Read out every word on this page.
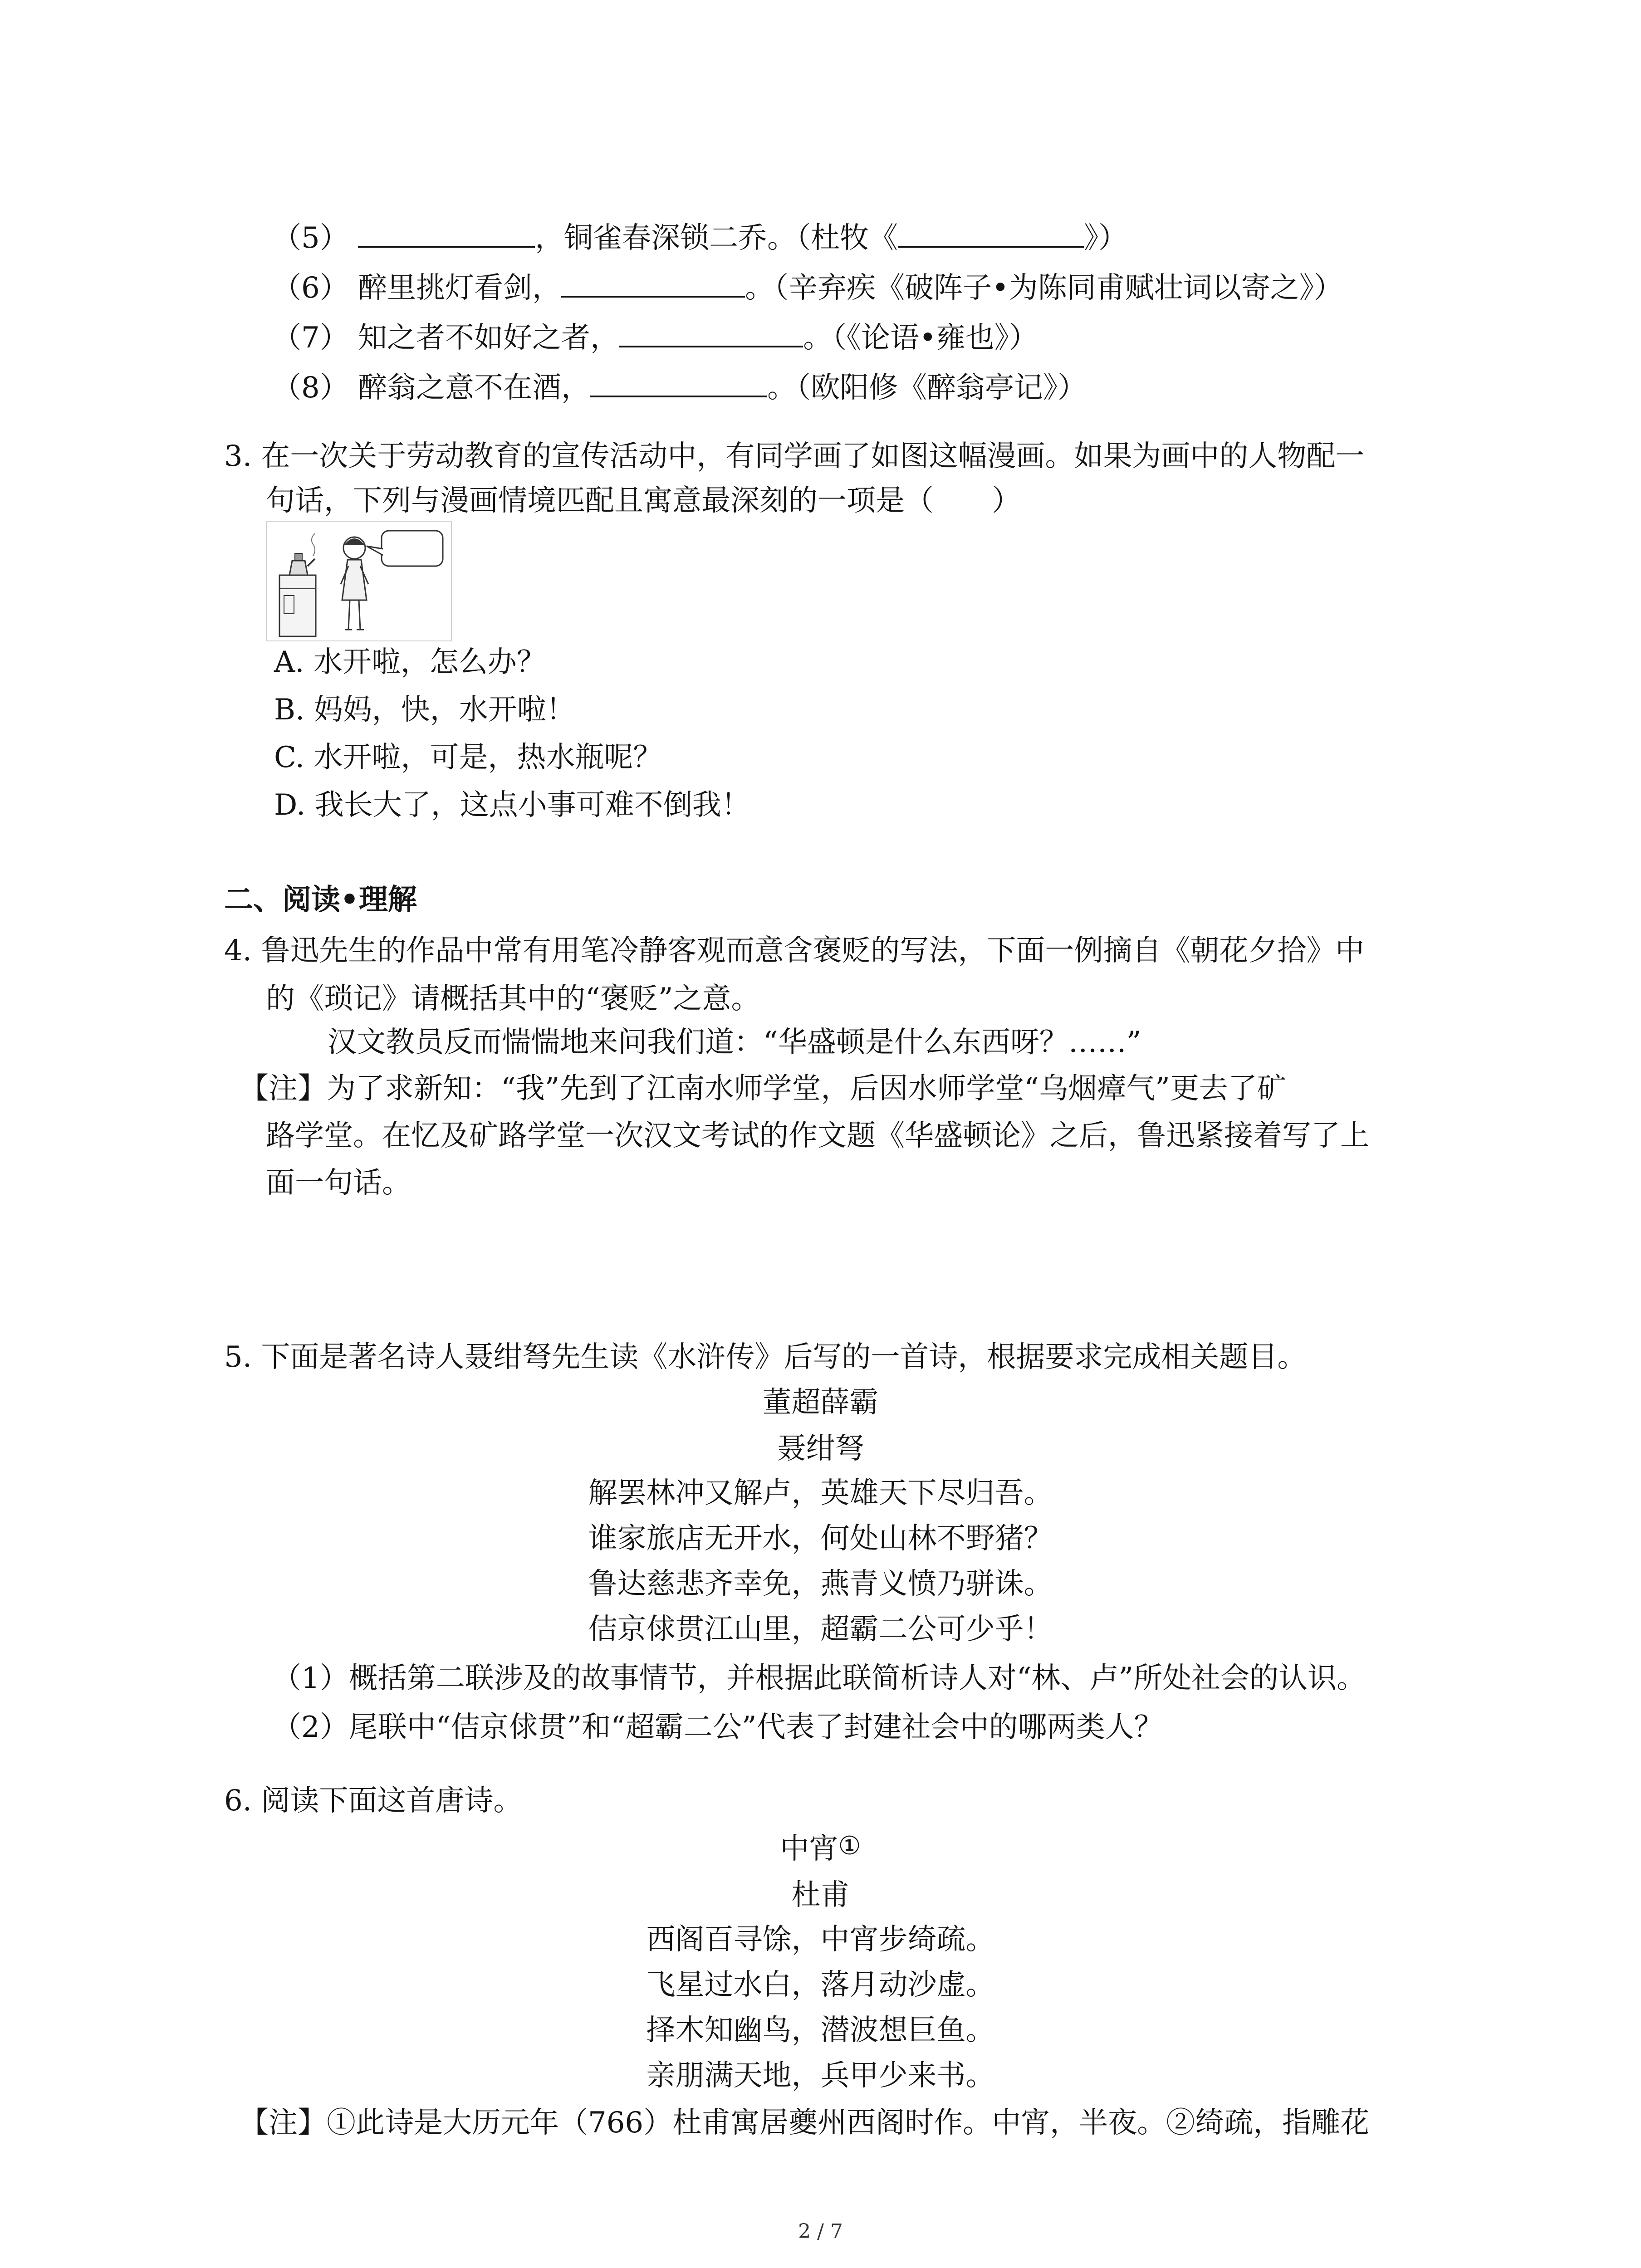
（5）	，铜雀春深锁二乔。（杜牧《	》）
（6） 醉里挑灯看剑，	。（辛弃疾《破阵子•为陈同甫赋壮词以寄之》）
（7） 知之者不如好之者，	。（《论语•雍也》）
（8） 醉翁之意不在酒，	。（欧阳修《醉翁亭记》）
3. 在一次关于劳动教育的宣传活动中，有同学画了如图这幅漫画。如果为画中的人物配一
句话，下列与漫画情境匹配且寓意最深刻的一项是（　　）
A. 水开啦，怎么办？
B. 妈妈，快，水开啦！
C. 水开啦，可是，热水瓶呢？
D. 我长大了，这点小事可难不倒我！
二、阅读•理解
4. 鲁迅先生的作品中常有用笔冷静客观而意含褒贬的写法，下面一例摘自《朝花夕拾》中
的《琐记》请概括其中的“褒贬”之意。
汉文教员反而惴惴地来问我们道：“华盛顿是什么东西呀？……”
【注】为了求新知：“我”先到了江南水师学堂，后因水师学堂“乌烟瘴气”更去了矿
路学堂。在忆及矿路学堂一次汉文考试的作文题《华盛顿论》之后，鲁迅紧接着写了上
面一句话。
5. 下面是著名诗人聂绀弩先生读《水浒传》后写的一首诗，根据要求完成相关题目。
董超薛霸
聂绀弩
解罢林冲又解卢，英雄天下尽归吾。
谁家旅店无开水，何处山林不野猪？
鲁达慈悲齐幸免，燕青义愤乃骈诛。
佶京俅贯江山里，超霸二公可少乎！
（1）概括第二联涉及的故事情节，并根据此联简析诗人对“林、卢”所处社会的认识。
（2）尾联中“佶京俅贯”和“超霸二公”代表了封建社会中的哪两类人？
6. 阅读下面这首唐诗。
中宵①
杜甫
西阁百寻馀，中宵步绮疏。
飞星过水白，落月动沙虚。
择木知幽鸟，潜波想巨鱼。
亲朋满天地，兵甲少来书。
【注】①此诗是大历元年（766）杜甫寓居夔州西阁时作。中宵，半夜。②绮疏，指雕花
2 / 7
